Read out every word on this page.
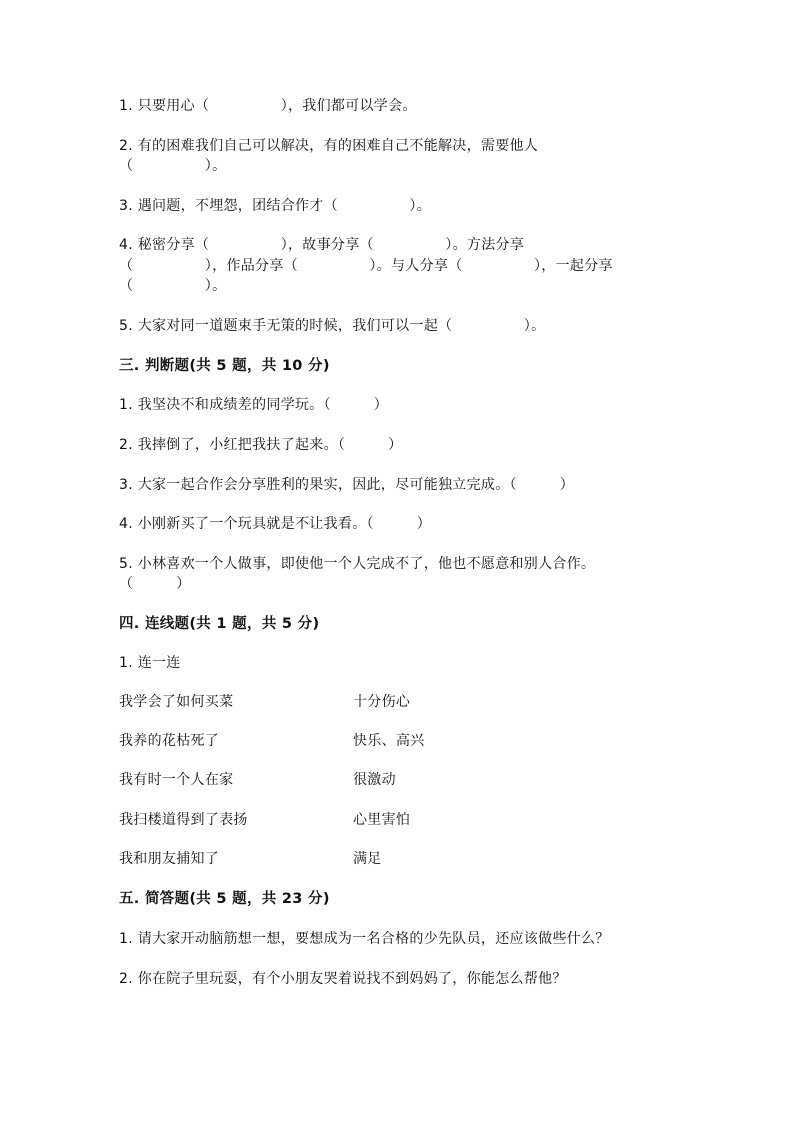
1. 只要用心（　　　　　），我们都可以学会。
2. 有的困难我们自己可以解决，有的困难自己不能解决，需要他人
（　　　　　）。
3. 遇问题，不埋怨，团结合作才（　　　　　）。
4. 秘密分享（　　　　　），故事分享（　　　　　）。方法分享
（　　　　　），作品分享（　　　　　）。与人分享（　　　　　），一起分享
（　　　　　）。
5. 大家对同一道题束手无策的时候，我们可以一起（　　　　　）。
三. 判断题(共 5 题，共 10 分)
1. 我坚决不和成绩差的同学玩。（　　　）
2. 我摔倒了，小红把我扶了起来。（　　　）
3. 大家一起合作会分享胜利的果实，因此，尽可能独立完成。（　　　）
4. 小刚新买了一个玩具就是不让我看。（　　　）
5. 小林喜欢一个人做事，即使他一个人完成不了，他也不愿意和别人合作。
（　　　）
四. 连线题(共 1 题，共 5 分)
1. 连一连
我学会了如何买菜	十分伤心
我养的花枯死了	快乐、高兴
我有时一个人在家	很激动
我扫楼道得到了表扬	心里害怕
我和朋友捕知了	满足
五. 简答题(共 5 题，共 23 分)
1. 请大家开动脑筋想一想，要想成为一名合格的少先队员，还应该做些什么？
2. 你在院子里玩耍，有个小朋友哭着说找不到妈妈了，你能怎么帮他？
